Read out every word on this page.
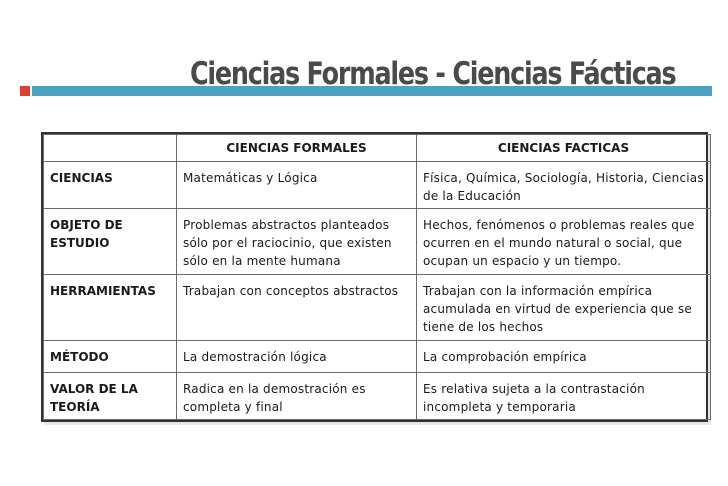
Ciencias Formales - Ciencias Fácticas
	CIENCIAS FORMALES	CIENCIAS FACTICAS
CIENCIAS	Matemáticas y Lógica	Física, Química, Sociología, Historia, Ciencias de la Educación
OBJETO DE ESTUDIO	Problemas abstractos planteados sólo por el raciocinio, que existen sólo en la mente humana	Hechos, fenómenos o problemas reales que ocurren en el mundo natural o social, que ocupan un espacio y un tiempo.
HERRAMIENTAS	Trabajan con conceptos abstractos	Trabajan con la información empírica acumulada en virtud de experiencia que se tiene de los hechos
MÉTODO	La demostración lógica	La comprobación empírica
VALOR DE LA TEORÍA	Radica en la demostración es completa y final	Es relativa sujeta a la contrastación incompleta y temporaria
